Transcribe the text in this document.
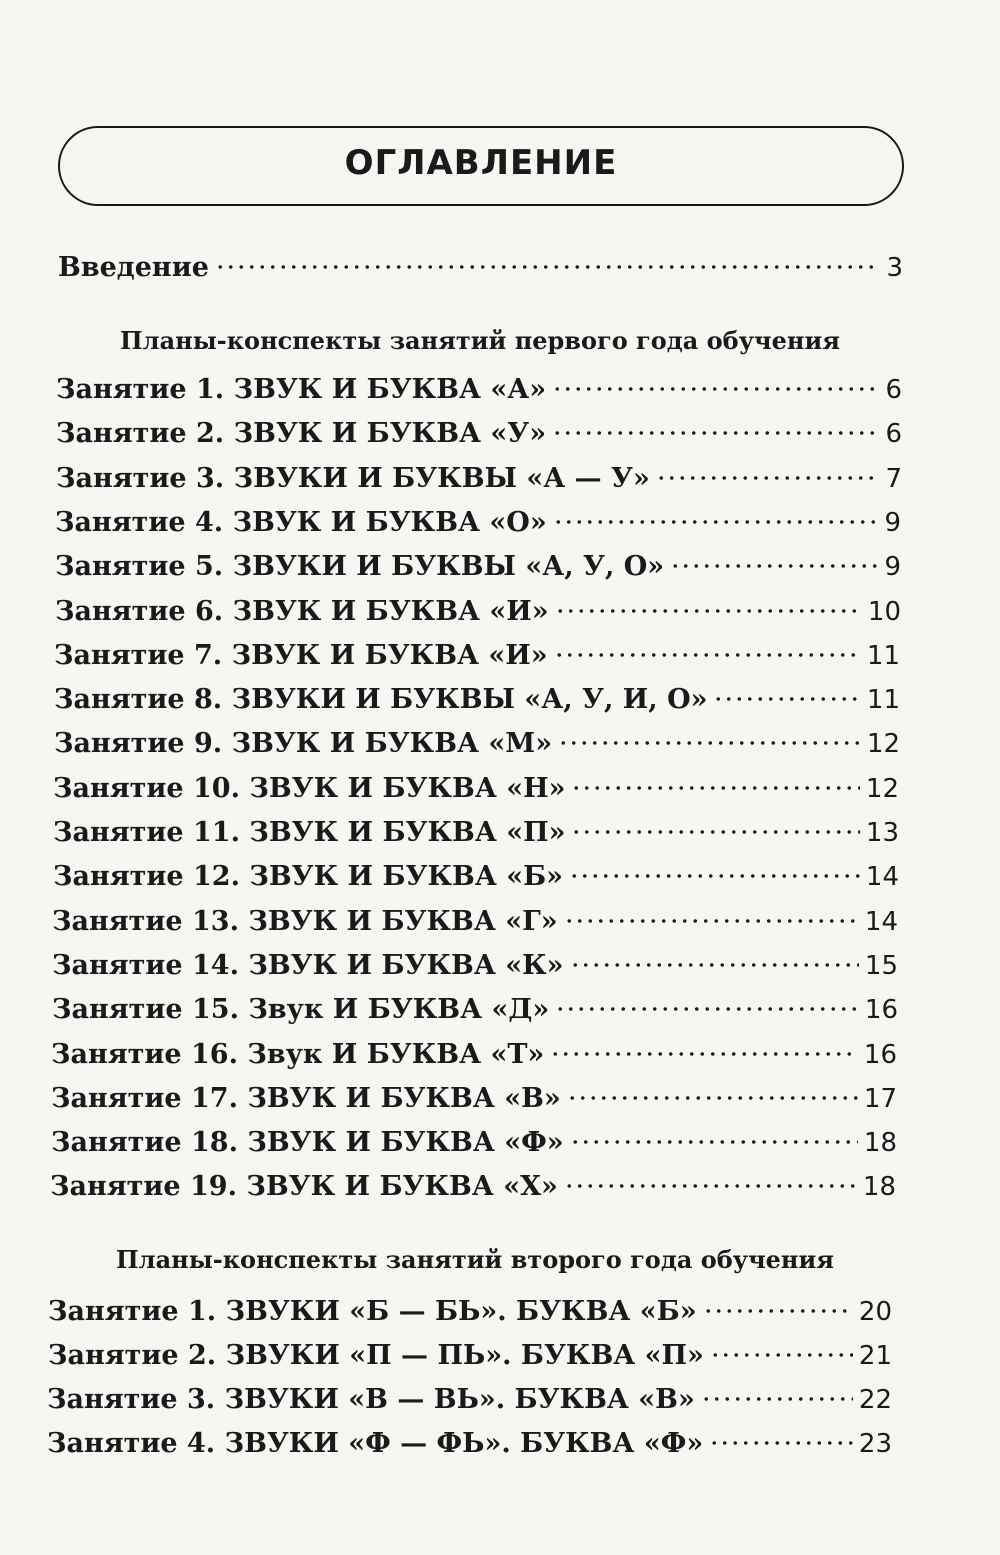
ОГЛАВЛЕНИЕ
Введение	3
Планы-конспекты занятий первого года обучения
Занятие 1. ЗВУК И БУКВА «А»	6
Занятие 2. ЗВУК И БУКВА «У»	6
Занятие 3. ЗВУКИ И БУКВЫ «А — У»	7
Занятие 4. ЗВУК И БУКВА «О»	9
Занятие 5. ЗВУКИ И БУКВЫ «А, У, О»	9
Занятие 6. ЗВУК И БУКВА «И»	10
Занятие 7. ЗВУК И БУКВА «И»	11
Занятие 8. ЗВУКИ И БУКВЫ «А, У, И, О»	11
Занятие 9. ЗВУК И БУКВА «М»	12
Занятие 10. ЗВУК И БУКВА «Н»	12
Занятие 11. ЗВУК И БУКВА «П»	13
Занятие 12. ЗВУК И БУКВА «Б»	14
Занятие 13. ЗВУК И БУКВА «Г»	14
Занятие 14. ЗВУК И БУКВА «К»	15
Занятие 15. Звук И БУКВА «Д»	16
Занятие 16. Звук И БУКВА «Т»	16
Занятие 17. ЗВУК И БУКВА «В»	17
Занятие 18. ЗВУК И БУКВА «Ф»	18
Занятие 19. ЗВУК И БУКВА «Х»	18
Планы-конспекты занятий второго года обучения
Занятие 1. ЗВУКИ «Б — БЬ». БУКВА «Б»	20
Занятие 2. ЗВУКИ «П — ПЬ». БУКВА «П»	21
Занятие 3. ЗВУКИ «В — ВЬ». БУКВА «В»	22
Занятие 4. ЗВУКИ «Ф — ФЬ». БУКВА «Ф»	23
